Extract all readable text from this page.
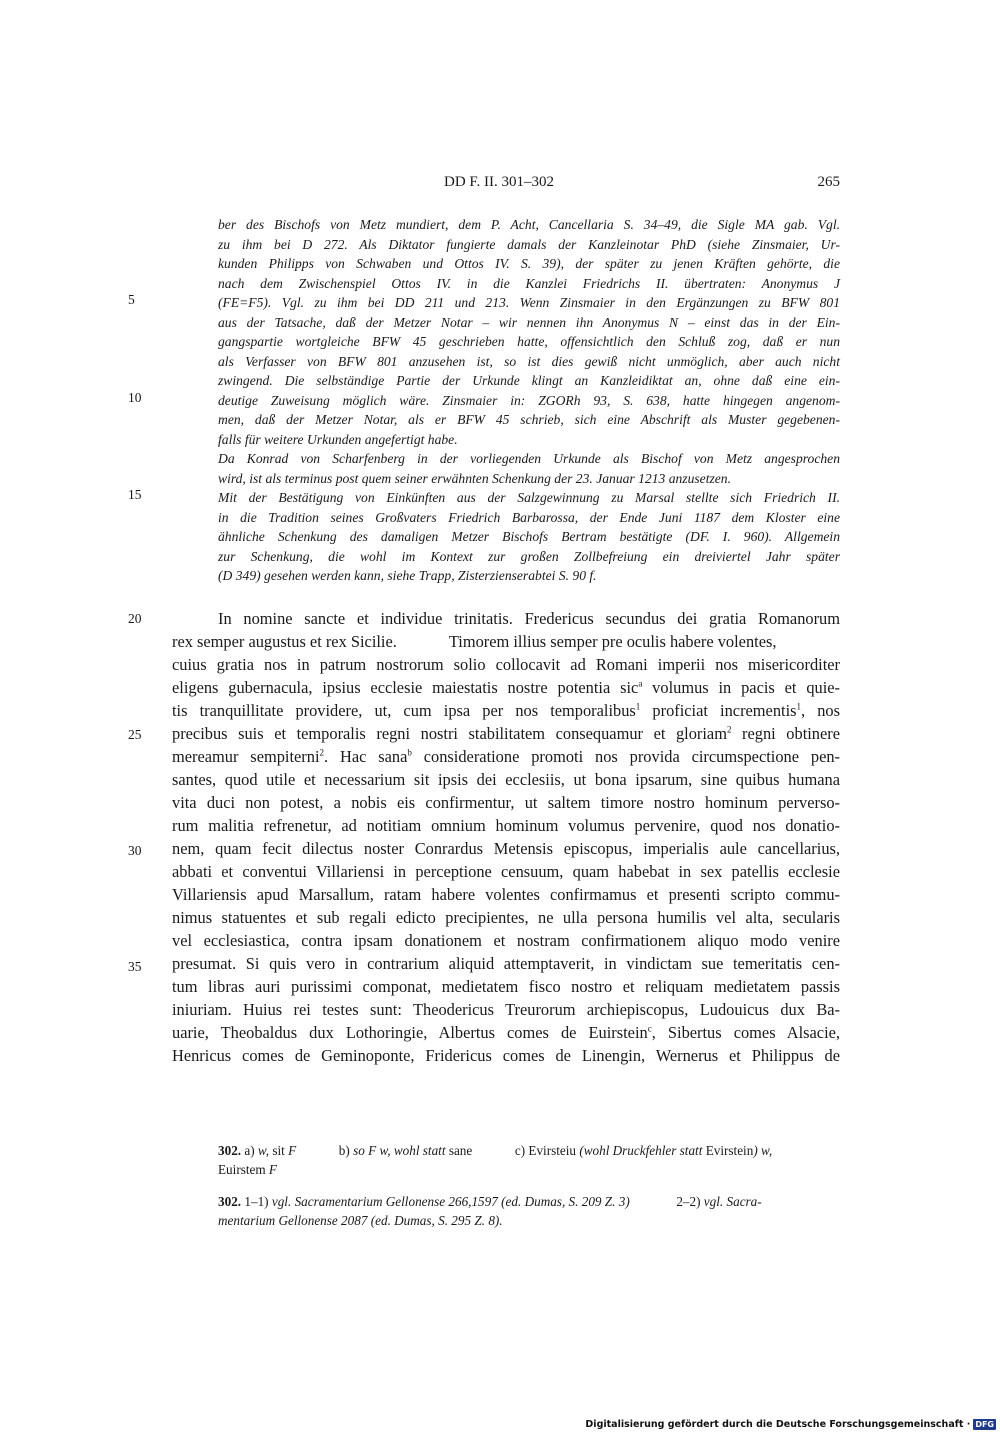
DD F. II. 301–302	265
5
10
15
20
25
30
35
ber des Bischofs von Metz mundiert, dem P. Acht, Cancellaria S. 34–49, die Sigle MA gab. Vgl.
zu ihm bei D 272. Als Diktator fungierte damals der Kanzleinotar PhD (siehe Zinsmaier, Ur-
kunden Philipps von Schwaben und Ottos IV. S. 39), der später zu jenen Kräften gehörte, die
nach dem Zwischenspiel Ottos IV. in die Kanzlei Friedrichs II. übertraten: Anonymus J
(FE=F5). Vgl. zu ihm bei DD 211 und 213. Wenn Zinsmaier in den Ergänzungen zu BFW 801
aus der Tatsache, daß der Metzer Notar – wir nennen ihn Anonymus N – einst das in der Ein-
gangspartie wortgleiche BFW 45 geschrieben hatte, offensichtlich den Schluß zog, daß er nun
als Verfasser von BFW 801 anzusehen ist, so ist dies gewiß nicht unmöglich, aber auch nicht
zwingend. Die selbständige Partie der Urkunde klingt an Kanzleidiktat an, ohne daß eine ein-
deutige Zuweisung möglich wäre. Zinsmaier in: ZGORh 93, S. 638, hatte hingegen angenom-
men, daß der Metzer Notar, als er BFW 45 schrieb, sich eine Abschrift als Muster gegebenen-
falls für weitere Urkunden angefertigt habe.
Da Konrad von Scharfenberg in der vorliegenden Urkunde als Bischof von Metz angesprochen
wird, ist als terminus post quem seiner erwähnten Schenkung der 23. Januar 1213 anzusetzen.
Mit der Bestätigung von Einkünften aus der Salzgewinnung zu Marsal stellte sich Friedrich II.
in die Tradition seines Großvaters Friedrich Barbarossa, der Ende Juni 1187 dem Kloster eine
ähnliche Schenkung des damaligen Metzer Bischofs Bertram bestätigte (DF. I. 960). Allgemein
zur Schenkung, die wohl im Kontext zur großen Zollbefreiung ein dreiviertel Jahr später
(D 349) gesehen werden kann, siehe Trapp, Zisterzienserabtei S. 90 f.
In nomine sancte et individue trinitatis. Fredericus secundus dei gratia Romanorum
rex semper augustus et rex Sicilie.	Timorem illius semper pre oculis habere volentes,
cuius gratia nos in patrum nostrorum solio collocavit ad Romani imperii nos misericorditer
eligens gubernacula, ipsius ecclesie maiestatis nostre potentia sic$^a$ volumus in pacis et quie-
tis tranquillitate providere, ut, cum ipsa per nos temporalibus$^1$ proficiat incrementis$^1$, nos
precibus suis et temporalis regni nostri stabilitatem consequamur et gloriam$^2$ regni obtinere
mereamur sempiterni$^2$. Hac sana$^b$ consideratione promoti nos provida circumspectione pen-
santes, quod utile et necessarium sit ipsis dei ecclesiis, ut bona ipsarum, sine quibus humana
vita duci non potest, a nobis eis confirmentur, ut saltem timore nostro hominum perverso-
rum malitia refrenetur, ad notitiam omnium hominum volumus pervenire, quod nos donatio-
nem, quam fecit dilectus noster Conrardus Metensis episcopus, imperialis aule cancellarius,
abbati et conventui Villariensi in perceptione censuum, quam habebat in sex patellis ecclesie
Villariensis apud Marsallum, ratam habere volentes confirmamus et presenti scripto commu-
nimus statuentes et sub regali edicto precipientes, ne ulla persona humilis vel alta, secularis
vel ecclesiastica, contra ipsam donationem et nostram confirmationem aliquo modo venire
presumat. Si quis vero in contrarium aliquid attemptaverit, in vindictam sue temeritatis cen-
tum libras auri purissimi componat, medietatem fisco nostro et reliquam medietatem passis
iniuriam. Huius rei testes sunt: Theodericus Treurorum archiepiscopus, Ludouicus dux Ba-
uarie, Theobaldus dux Lothoringie, Albertus comes de Euirstein$^c$, Sibertus comes Alsacie,
Henricus comes de Geminoponte, Fridericus comes de Linengin, Wernerus et Philippus de
302. a) w, sit F	b) so F w, wohl statt sane	c) Evirsteiu (wohl Druckfehler statt Evirstein) w,
Euirstem F
302. 1–1) vgl. Sacramentarium Gellonense 266,1597 (ed. Dumas, S. 209 Z. 3)	2–2) vgl. Sacra-
mentarium Gellonense 2087 (ed. Dumas, S. 295 Z. 8).
Digitalisierung gefördert durch die Deutsche Forschungsgemeinschaft · DFG
